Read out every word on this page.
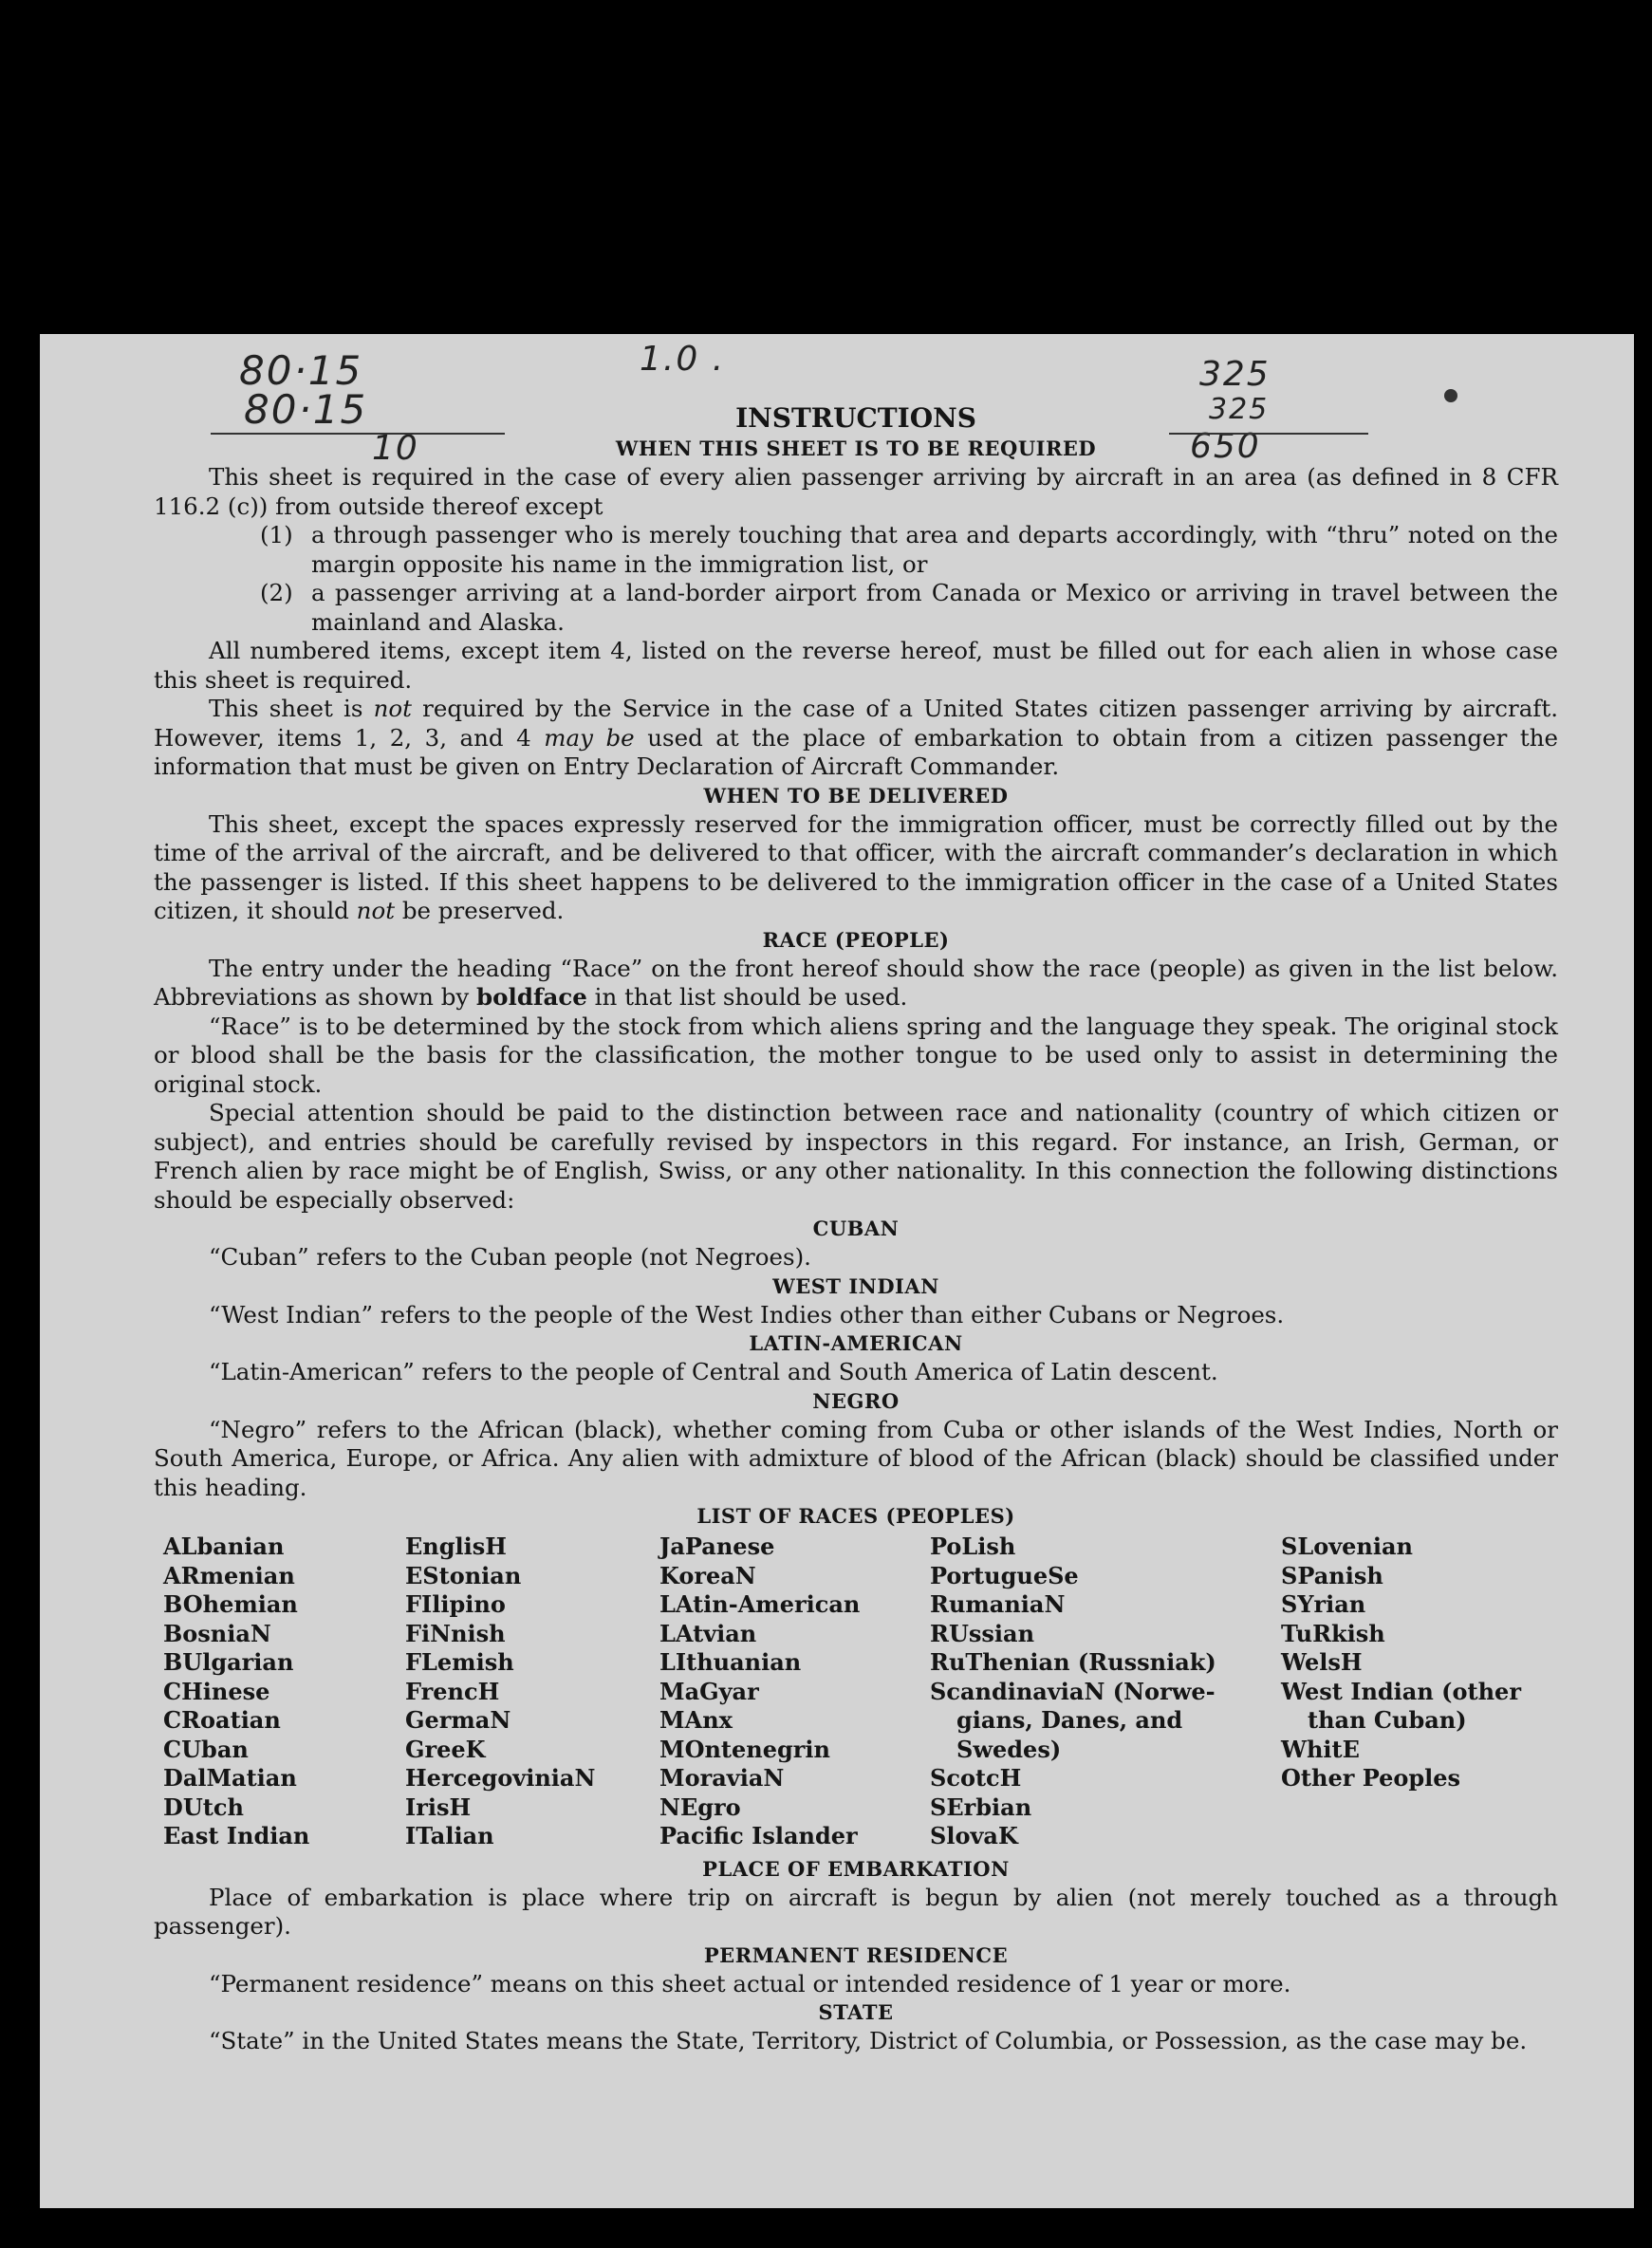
80·15
80·15
10
1.0 .	325
325
650
INSTRUCTIONS
WHEN THIS SHEET IS TO BE REQUIRED

This sheet is required in the case of every alien passenger arriving by aircraft in an area (as defined in 8 CFR 116.2 (c)) from outside thereof except

(1) a through passenger who is merely touching that area and departs accordingly, with “thru” noted on the margin opposite his name in the immigration list, or
(2) a passenger arriving at a land-border airport from Canada or Mexico or arriving in travel between the mainland and Alaska.

All numbered items, except item 4, listed on the reverse hereof, must be filled out for each alien in whose case this sheet is required.

This sheet is not required by the Service in the case of a United States citizen passenger arriving by aircraft. However, items 1, 2, 3, and 4 may be used at the place of embarkation to obtain from a citizen passenger the information that must be given on Entry Declaration of Aircraft Commander.

WHEN TO BE DELIVERED

This sheet, except the spaces expressly reserved for the immigration officer, must be correctly filled out by the time of the arrival of the aircraft, and be delivered to that officer, with the aircraft commander’s declaration in which the passenger is listed. If this sheet happens to be delivered to the immigration officer in the case of a United States citizen, it should not be preserved.

RACE (PEOPLE)

The entry under the heading “Race” on the front hereof should show the race (people) as given in the list below. Abbreviations as shown by boldface in that list should be used.

“Race” is to be determined by the stock from which aliens spring and the language they speak. The original stock or blood shall be the basis for the classification, the mother tongue to be used only to assist in determining the original stock.

Special attention should be paid to the distinction between race and nationality (country of which citizen or subject), and entries should be carefully revised by inspectors in this regard. For instance, an Irish, German, or French alien by race might be of English, Swiss, or any other nationality. In this connection the following distinctions should be especially observed:

CUBAN

“Cuban” refers to the Cuban people (not Negroes).

WEST INDIAN

“West Indian” refers to the people of the West Indies other than either Cubans or Negroes.

LATIN-AMERICAN

“Latin-American” refers to the people of Central and South America of Latin descent.

NEGRO

“Negro” refers to the African (black), whether coming from Cuba or other islands of the West Indies, North or South America, Europe, or Africa. Any alien with admixture of blood of the African (black) should be classified under this heading.

LIST OF RACES (PEOPLES)
ALbanian
ARmenian
BOhemian
BosniaN
BUlgarian
CHinese
CRoatian
CUban
DalMatian
DUtch
East Indian
EnglisH
EStonian
FIlipino
FiNnish
FLemish
FrencH
GermaN
GreeK
HercegoviniaN
IrisH
ITalian
JaPanese
KoreaN
LAtin-American
LAtvian
LIthuanian
MaGyar
MAnx
MOntenegrin
MoraviaN
NEgro
Pacific Islander
PoLish
PortugueSe
RumaniaN
RUssian
RuThenian (Russniak)
ScandinaviaN (Norwe-
gians, Danes, and
Swedes)
ScotcH
SErbian
SlovaK
SLovenian
SPanish
SYrian
TuRkish
WelsH
West Indian (other
than Cuban)
WhitE
Other Peoples
PLACE OF EMBARKATION

Place of embarkation is place where trip on aircraft is begun by alien (not merely touched as a through passenger).

PERMANENT RESIDENCE

“Permanent residence” means on this sheet actual or intended residence of 1 year or more.

STATE

“State” in the United States means the State, Territory, District of Columbia, or Possession, as the case may be.
